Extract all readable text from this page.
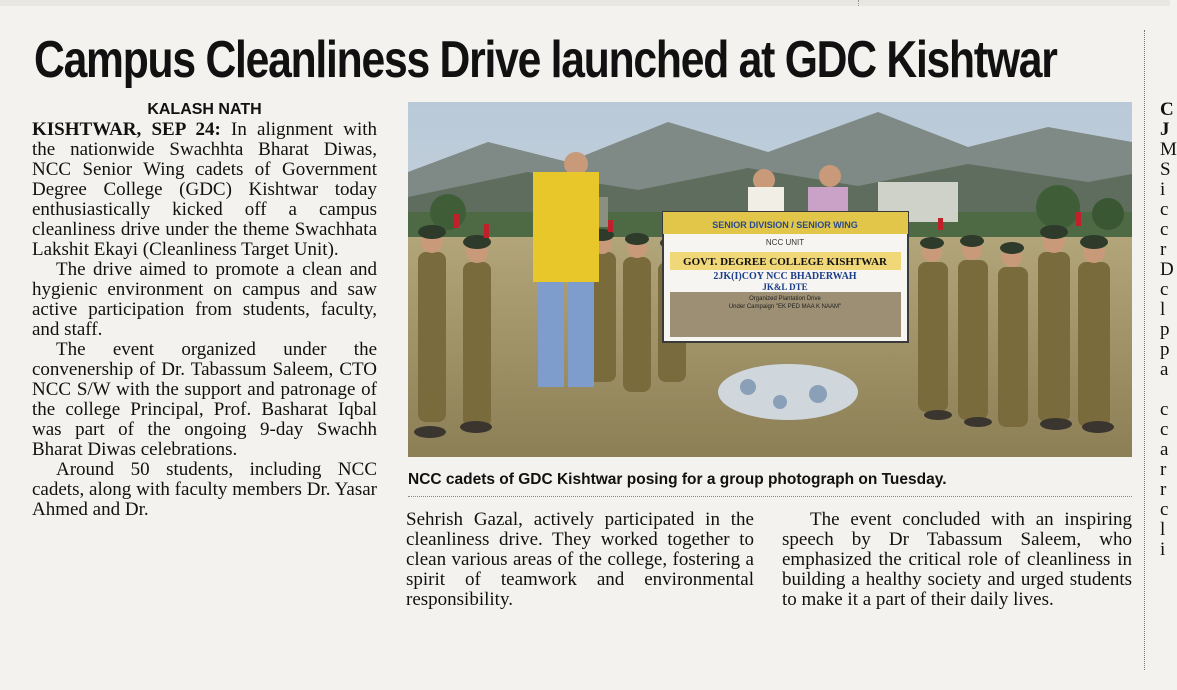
Campus Cleanliness Drive launched at GDC Kishtwar
KALASH NATH

KISHTWAR, SEP 24: In alignment with the nationwide Swachhta Bharat Diwas, NCC Senior Wing cadets of Government Degree College (GDC) Kishtwar today enthusiastically kicked off a campus cleanliness drive under the theme Swachhata Lakshit Ekayi (Cleanliness Target Unit).

The drive aimed to promote a clean and hygienic environment on campus and saw active participation from students, faculty, and staff.

The event organized under the convenership of Dr. Tabassum Saleem, CTO NCC S/W with the support and patronage of the college Principal, Prof. Basharat Iqbal was part of the ongoing 9-day Swachh Bharat Diwas celebrations.

Around 50 students, including NCC cadets, along with faculty members Dr. Yasar Ahmed and Dr.

SENIOR DIVISION / SENIOR WING
NCC UNIT
GOVT. DEGREE COLLEGE KISHTWAR
2JK(I)COY NCC BHADERWAH
JK&L DTE
Organized Plantation Drive
Under Campaign "EK PED MAA K NAAM"
NCC cadets of GDC Kishtwar posing for a group photograph on Tuesday.

Sehrish Gazal, actively participated in the cleanliness drive. They worked together to clean various areas of the college, fostering a spirit of teamwork and environmental responsibility.

The event concluded with an inspiring speech by Dr Tabassum Saleem, who emphasized the critical role of cleanliness in building a healthy society and urged students to make it a part of their daily lives.

C
J
M
S
i
c
c
r
D
c
l
p
p
a
c
c
a
r
r
c
l
i
